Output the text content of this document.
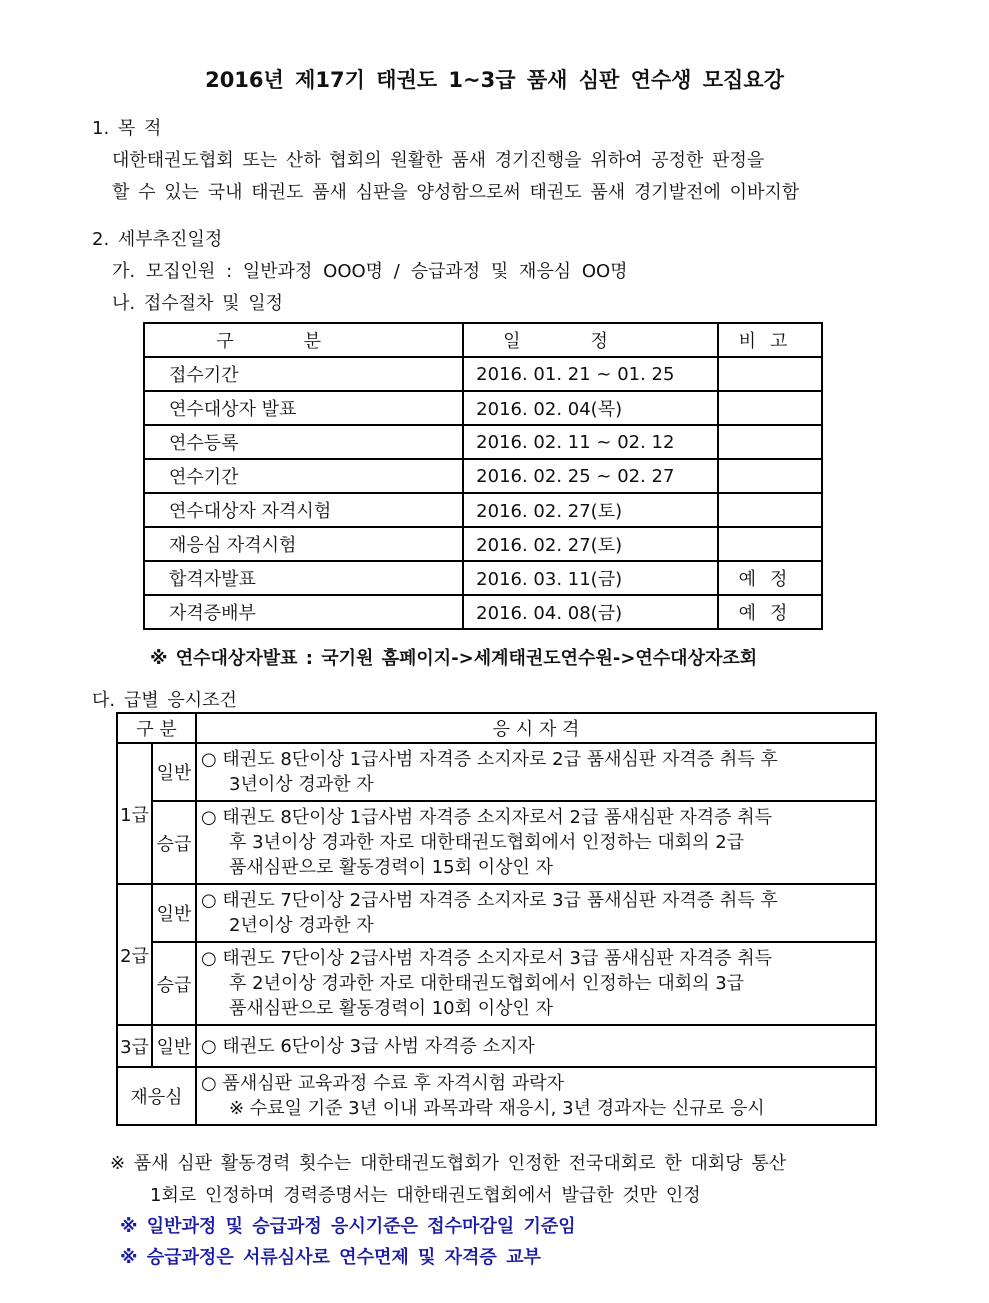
2016년 제17기 태권도 1~3급 품새 심판 연수생 모집요강
1. 목 적
대한태권도협회 또는 산하 협회의 원활한 품새 경기진행을 위하여 공정한 판정을
할 수 있는 국내 태권도 품새 심판을 양성함으로써 태권도 품새 경기발전에 이바지함
2. 세부추진일정
가. 모집인원 : 일반과정 OOO명 / 승급과정 및 재응심 OO명
나. 접수절차 및 일정
구분	일정	비고
접수기간	2016. 01. 21 ~ 01. 25	
연수대상자 발표	2016. 02. 04(목)	
연수등록	2016. 02. 11 ~ 02. 12	
연수기간	2016. 02. 25 ~ 02. 27	
연수대상자 자격시험	2016. 02. 27(토)	
재응심 자격시험	2016. 02. 27(토)	
합격자발표	2016. 03. 11(금)	예정
자격증배부	2016. 04. 08(금)	예정
※ 연수대상자발표 : 국기원 홈페이지->세계태권도연수원->연수대상자조회
다. 급별 응시조건
구 분		응 시 자 격
1급	일반	○ 태권도 8단이상 1급사범 자격증 소지자로 2급 품새심판 자격증 취득 후
3년이상 경과한 자

	승급	○ 태권도 8단이상 1급사범 자격증 소지자로서 2급 품새심판 자격증 취득
후 3년이상 경과한 자로 대한태권도협회에서 인정하는 대회의 2급
품새심판으로 활동경력이 15회 이상인 자

2급	일반	○ 태권도 7단이상 2급사범 자격증 소지자로 3급 품새심판 자격증 취득 후
2년이상 경과한 자

	승급	○ 태권도 7단이상 2급사범 자격증 소지자로서 3급 품새심판 자격증 취득
후 2년이상 경과한 자로 대한태권도협회에서 인정하는 대회의 3급
품새심판으로 활동경력이 10회 이상인 자

3급	일반	○ 태권도 6단이상 3급 사범 자격증 소지자

재응심		○ 품새심판 교육과정 수료 후 자격시험 과락자
※ 수료일 기준 3년 이내 과목과락 재응시, 3년 경과자는 신규로 응시
※ 품새 심판 활동경력 횟수는 대한태권도협회가 인정한 전국대회로 한 대회당 통산
1회로 인정하며 경력증명서는 대한태권도협회에서 발급한 것만 인정
※ 일반과정 및 승급과정 응시기준은 접수마감일 기준임
※ 승급과정은 서류심사로 연수면제 및 자격증 교부
